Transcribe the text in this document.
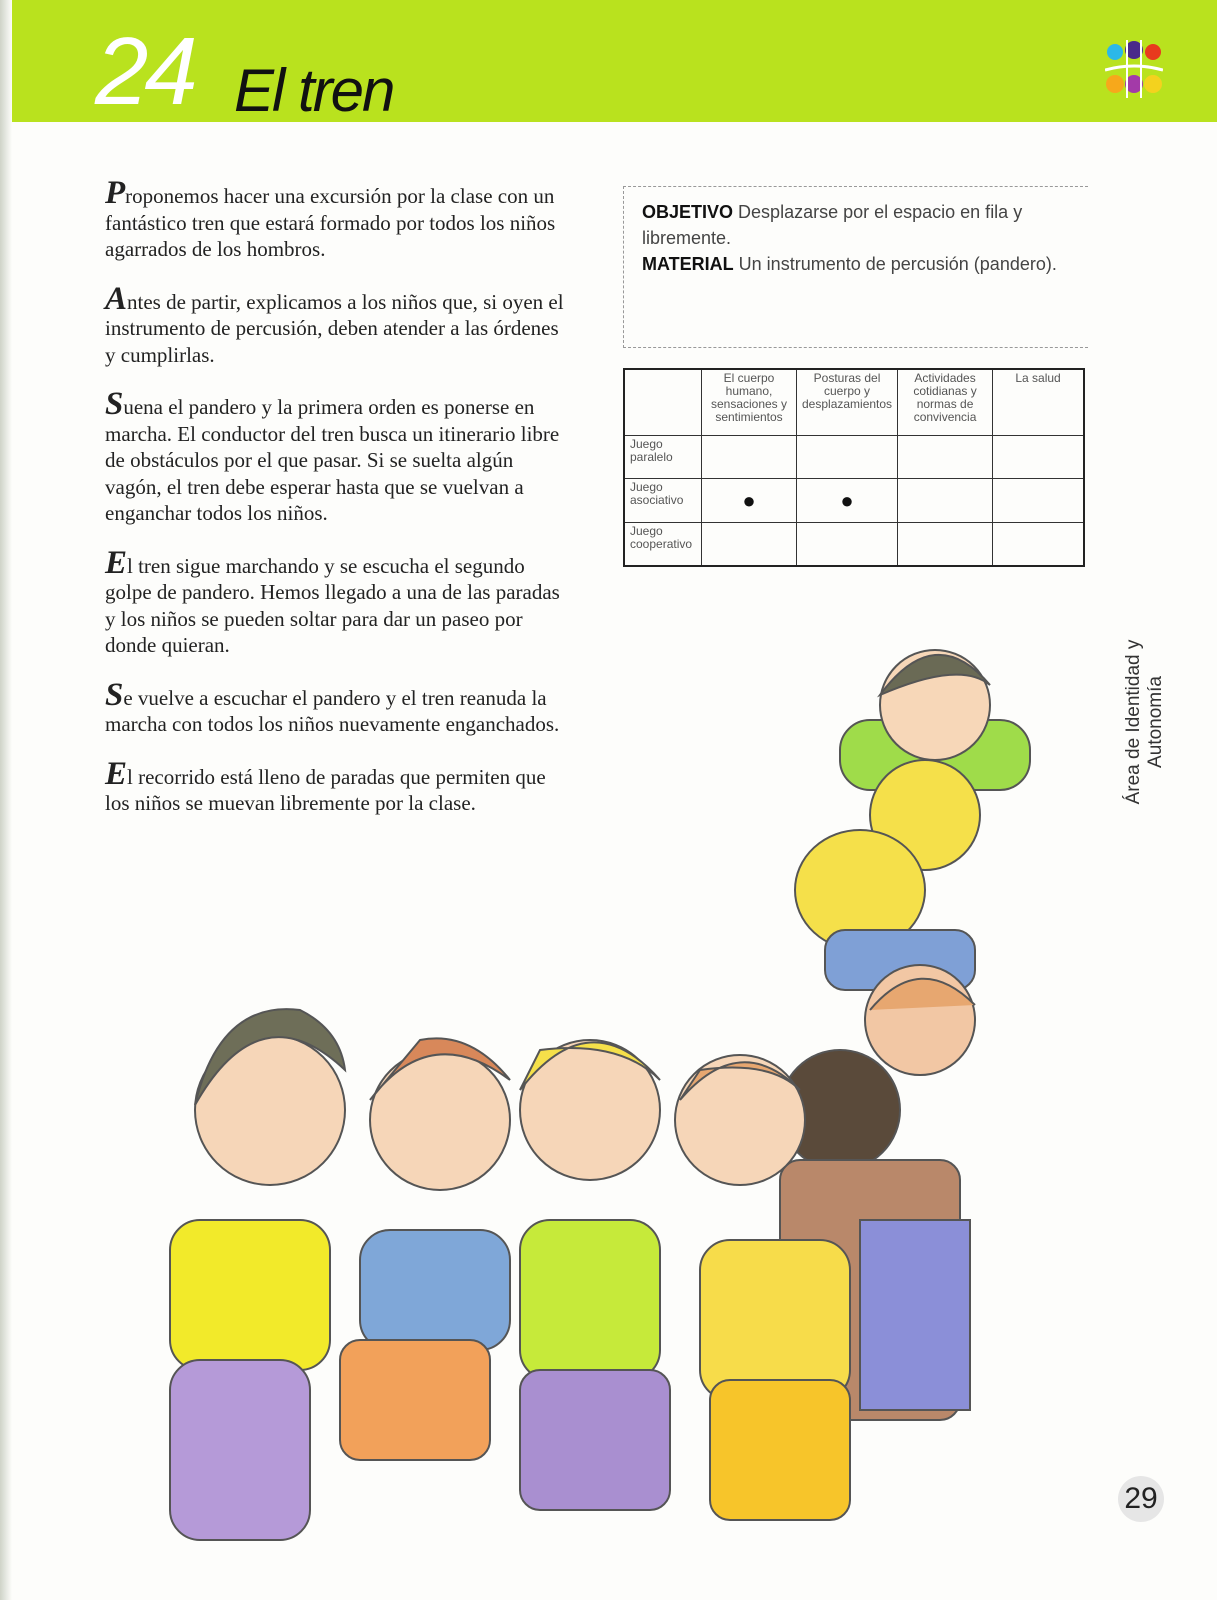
24 El tren

Proponemos hacer una excursión por la clase con un fantástico tren que estará formado por todos los niños agarrados de los hombros.

Antes de partir, explicamos a los niños que, si oyen el instrumento de percusión, deben atender a las órdenes y cumplirlas.

Suena el pandero y la primera orden es ponerse en marcha. El conductor del tren busca un itinerario libre de obstáculos por el que pasar. Si se suelta algún vagón, el tren debe esperar hasta que se vuelvan a enganchar todos los niños.

El tren sigue marchando y se escucha el segundo golpe de pandero. Hemos llegado a una de las paradas y los niños se pueden soltar para dar un paseo por donde quieran.

Se vuelve a escuchar el pandero y el tren reanuda la marcha con todos los niños nuevamente enganchados.

El recorrido está lleno de paradas que permiten que los niños se muevan libremente por la clase.

OBJETIVO Desplazarse por el espacio en fila y libremente.
MATERIAL Un instrumento de percusión (pandero).
	El cuerpo humano, sensaciones y sentimientos	Posturas del cuerpo y desplazamientos	Actividades cotidianas y normas de convivencia	La salud
Juego paralelo				
Juego asociativo	●	●		
Juego cooperativo				
Área de Identidad y Autonomía
29
